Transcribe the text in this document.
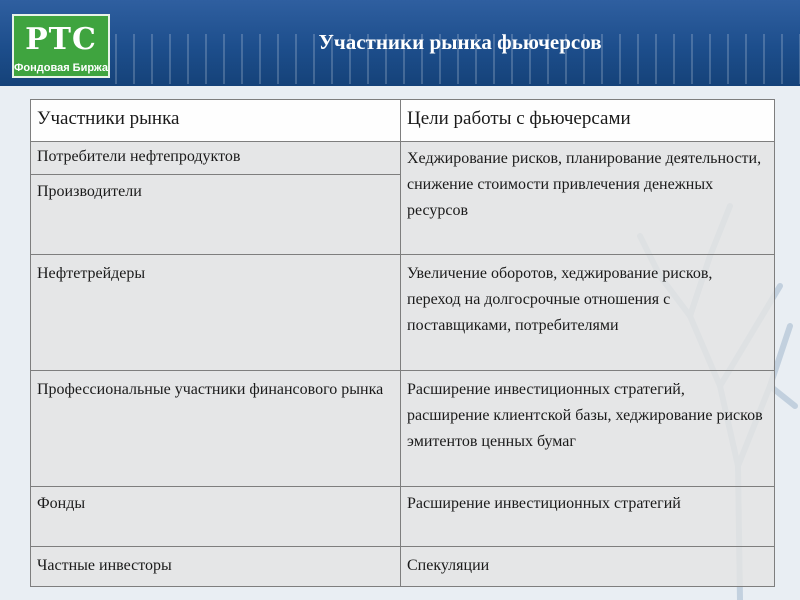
РТС
Фондовая Биржа
Участники рынка фьючерсов
Участники рынка	Цели работы с фьючерсами
Потребители нефтепродуктов	Хеджирование рисков, планирование деятельности, снижение стоимости привлечения денежных ресурсов
Производители	
Нефтетрейдеры	Увеличение оборотов, хеджирование рисков, переход на долгосрочные отношения с поставщиками, потребителями
Профессиональные участники финансового рынка	Расширение инвестиционных стратегий, расширение клиентской базы, хеджирование рисков эмитентов ценных бумаг
Фонды	Расширение инвестиционных стратегий
Частные инвесторы	Спекуляции
